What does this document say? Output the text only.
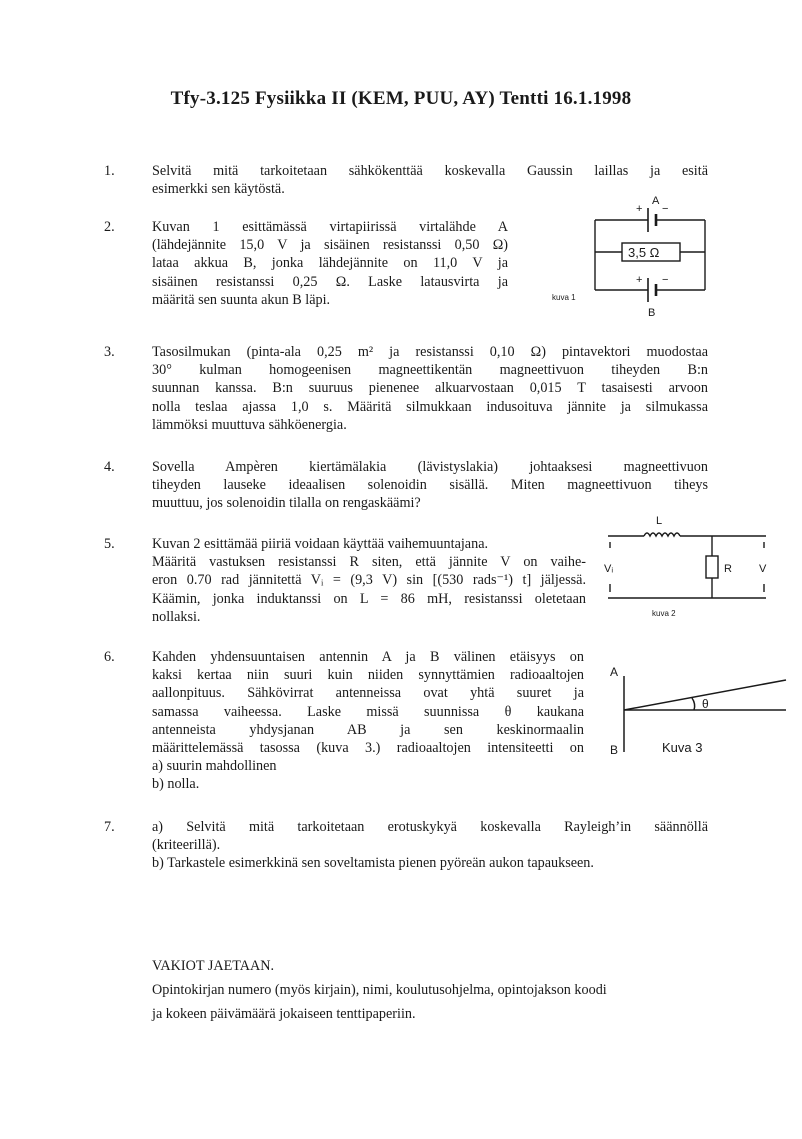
Tfy-3.125 Fysiikka II (KEM, PUU, AY) Tentti 16.1.1998
1.	Selvitä mitä tarkoitetaan sähkökenttää koskevalla Gaussin laillas ja esitä
esimerkki sen käytöstä.
2.	Kuvan 1 esittämässä virtapiirissä virtalähde A
(lähdejännite 15,0 V ja sisäinen resistanssi 0,50 Ω)
lataa akkua B, jonka lähdejännite on 11,0 V ja
sisäinen resistanssi 0,25 Ω. Laske latausvirta ja
määritä sen suunta akun B läpi.
+ −
A
+ −
B
3,5 Ω
kuva 1
3.	Tasosilmukan (pinta-ala 0,25 m² ja resistanssi 0,10 Ω) pintavektori muodostaa
30° kulman homogeenisen magneettikentän magneettivuon tiheyden B:n
suunnan kanssa. B:n suuruus pienenee alkuarvostaan 0,015 T tasaisesti arvoon
nolla teslaa ajassa 1,0 s. Määritä silmukkaan indusoituva jännite ja silmukassa
lämmöksi muuttuva sähköenergia.
4.	Sovella Ampèren kiertämälakia (lävistyslakia) johtaaksesi magneettivuon
tiheyden lauseke ideaalisen solenoidin sisällä. Miten magneettivuon tiheys
muuttuu, jos solenoidin tilalla on rengaskäämi?
5.	Kuvan 2 esittämää piiriä voidaan käyttää vaihemuuntajana.
Määritä vastuksen resistanssi R siten, että jännite V on vaihe-
eron 0.70 rad jännitettä Vᵢ = (9,3 V) sin [(530 rads⁻¹) t] jäljessä.
Käämin, jonka induktanssi on L = 86 mH, resistanssi oletetaan
nollaksi.
L
R
Vᵢ	V
kuva 2
6.	Kahden yhdensuuntaisen antennin A ja B välinen etäisyys on
kaksi kertaa niin suuri kuin niiden synnyttämien radioaaltojen
aallonpituus. Sähkövirrat antenneissa ovat yhtä suuret ja
samassa vaiheessa. Laske missä suunnissa θ kaukana
antenneista yhdysjanan AB ja sen keskinormaalin
määrittelemässä tasossa (kuva 3.) radioaaltojen intensiteetti on
a) suurin mahdollinen
b) nolla.
A
B
θ
Kuva 3
7.	a) Selvitä mitä tarkoitetaan erotuskykyä koskevalla Rayleigh’in säännöllä
(kriteerillä).
b) Tarkastele esimerkkinä sen soveltamista pienen pyöreän aukon tapaukseen.
VAKIOT JAETAAN.
Opintokirjan numero (myös kirjain), nimi, koulutusohjelma, opintojakson koodi
ja kokeen päivämäärä jokaiseen tenttipaperiin.
